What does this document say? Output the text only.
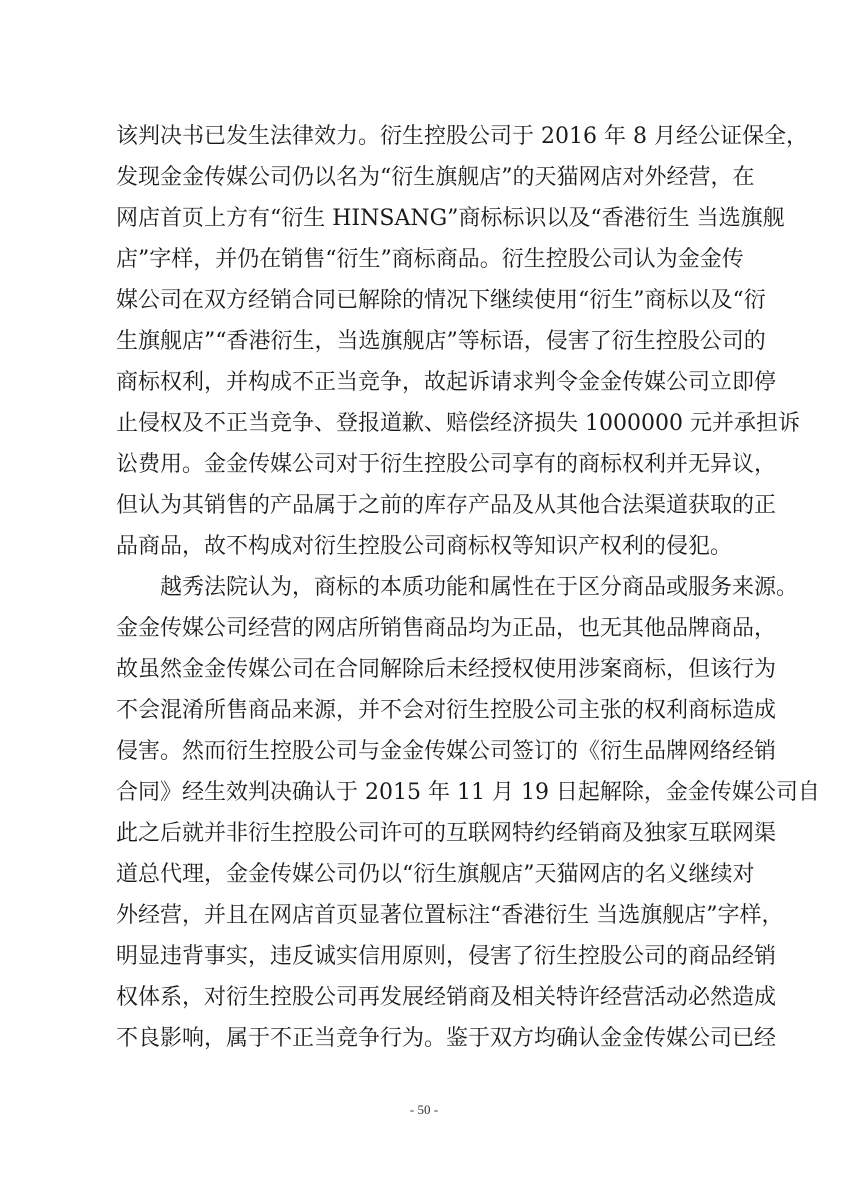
该判决书已发生法律效力。衍生控股公司于 2016 年 8 月经公证保全，
发现金金传媒公司仍以名为“衍生旗舰店”的天猫网店对外经营，在
网店首页上方有“衍生 HINSANG”商标标识以及“香港衍生 当选旗舰
店”字样，并仍在销售“衍生”商标商品。衍生控股公司认为金金传
媒公司在双方经销合同已解除的情况下继续使用“衍生”商标以及“衍
生旗舰店”“香港衍生，当选旗舰店”等标语，侵害了衍生控股公司的
商标权利，并构成不正当竞争，故起诉请求判令金金传媒公司立即停
止侵权及不正当竞争、登报道歉、赔偿经济损失 1000000 元并承担诉
讼费用。金金传媒公司对于衍生控股公司享有的商标权利并无异议，
但认为其销售的产品属于之前的库存产品及从其他合法渠道获取的正
品商品，故不构成对衍生控股公司商标权等知识产权利的侵犯。
越秀法院认为，商标的本质功能和属性在于区分商品或服务来源。
金金传媒公司经营的网店所销售商品均为正品，也无其他品牌商品，
故虽然金金传媒公司在合同解除后未经授权使用涉案商标，但该行为
不会混淆所售商品来源，并不会对衍生控股公司主张的权利商标造成
侵害。然而衍生控股公司与金金传媒公司签订的《衍生品牌网络经销
合同》经生效判决确认于 2015 年 11 月 19 日起解除，金金传媒公司自
此之后就并非衍生控股公司许可的互联网特约经销商及独家互联网渠
道总代理，金金传媒公司仍以“衍生旗舰店”天猫网店的名义继续对
外经营，并且在网店首页显著位置标注“香港衍生 当选旗舰店”字样，
明显违背事实，违反诚实信用原则，侵害了衍生控股公司的商品经销
权体系，对衍生控股公司再发展经销商及相关特许经营活动必然造成
不良影响，属于不正当竞争行为。鉴于双方均确认金金传媒公司已经
- 50 -
